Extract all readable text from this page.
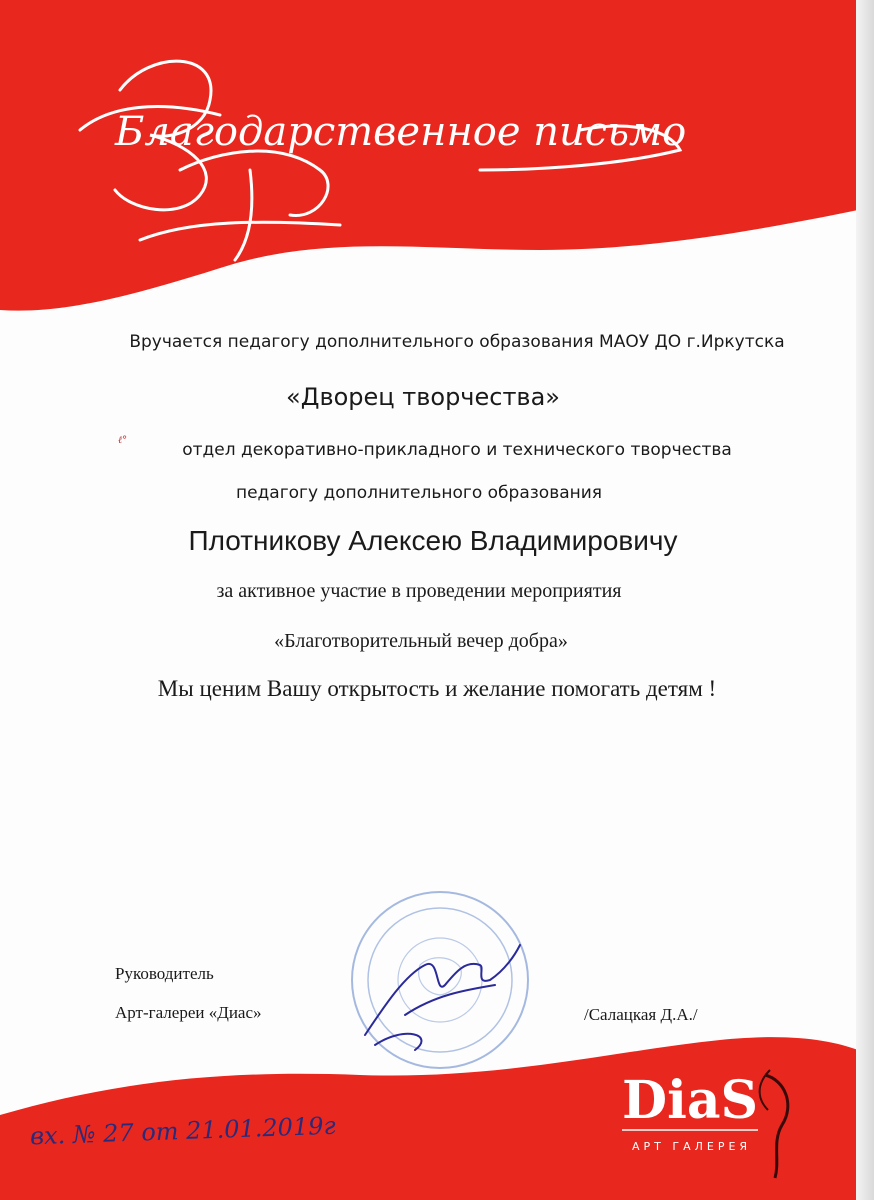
Благодарственное письмо
Вручается педагогу дополнительного образования МАОУ ДО г.Иркутска
«Дворец творчества»
ℓ°	отдел декоративно-прикладного и технического творчества
педагогу дополнительного образования
Плотникову Алексею Владимировичу
за активное участие в проведении мероприятия
«Благотворительный вечер добра»
Мы ценим Вашу открытость и желание помогать детям !
Руководитель
Арт-галереи «Диас»	/Салацкая Д.А./
вх. № 27 от 21.01.2019г	DiaS
АРТ ГАЛЕРЕЯ
